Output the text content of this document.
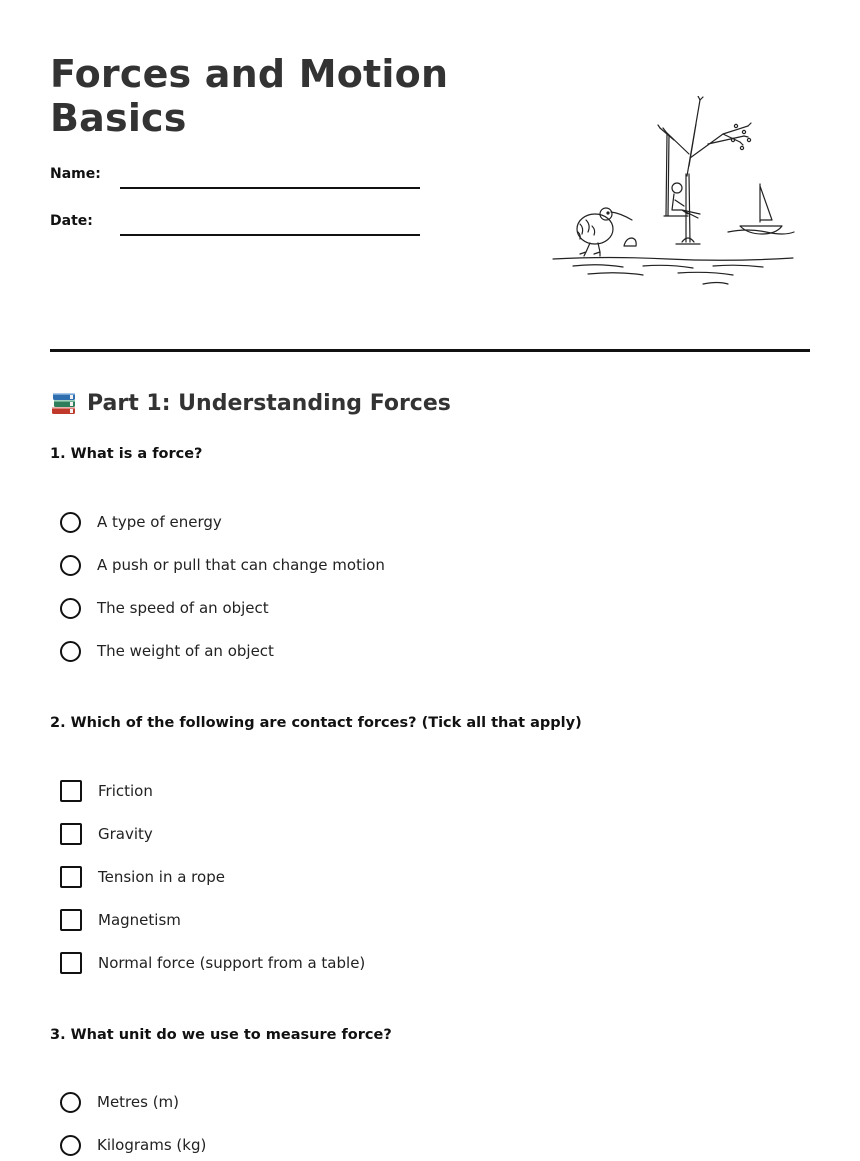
Forces and Motion
Basics
Name:
Date:
Part 1: Understanding Forces
1. What is a force?
A type of energy
A push or pull that can change motion
The speed of an object
The weight of an object
2. Which of the following are contact forces? (Tick all that apply)
Friction
Gravity
Tension in a rope
Magnetism
Normal force (support from a table)
3. What unit do we use to measure force?
Metres (m)
Kilograms (kg)
